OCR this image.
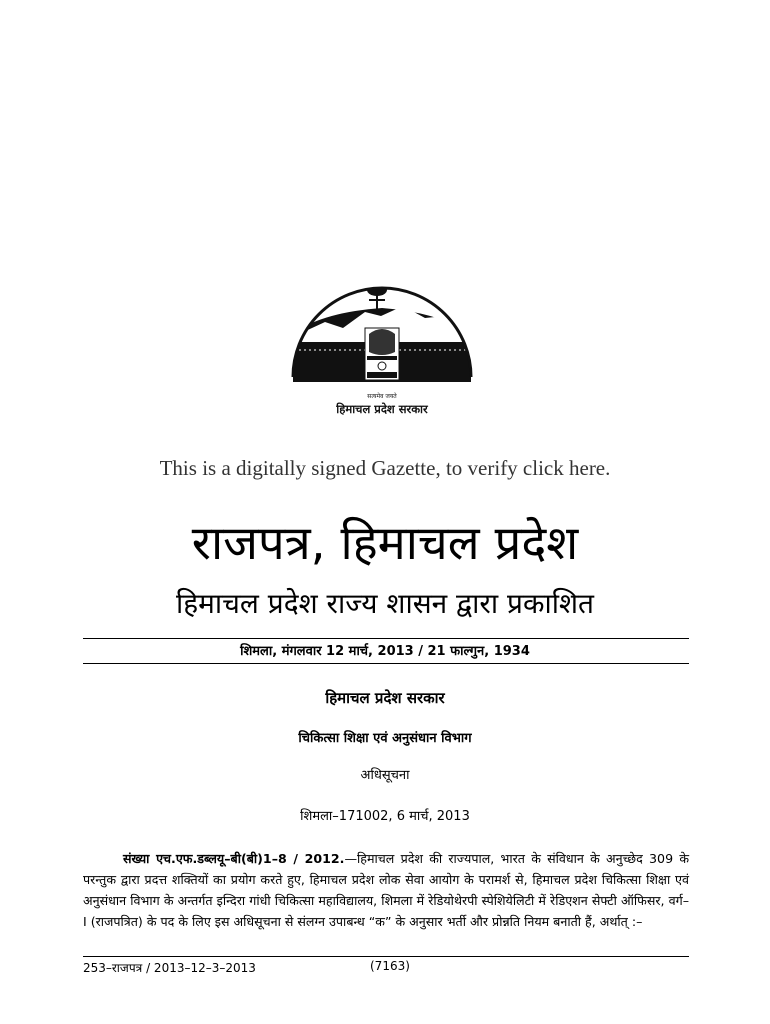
सत्यमेव जयते
हिमाचल प्रदेश सरकार
This is a digitally signed Gazette, to verify click here.
राजपत्र, हिमाचल प्रदेश
हिमाचल प्रदेश राज्य शासन द्वारा प्रकाशित
शिमला, मंगलवार 12 मार्च, 2013 / 21 फाल्गुन, 1934
हिमाचल प्रदेश सरकार
चिकित्सा शिक्षा एवं अनुसंधान विभाग
अधिसूचना
शिमला–171002, 6 मार्च, 2013
संख्या एच.एफ.डब्लयू–बी(बी)1–8 / 2012.—हिमाचल प्रदेश की राज्यपाल, भारत के संविधान के अनुच्छेद 309 के परन्तुक द्वारा प्रदत्त शक्तियों का प्रयोग करते हुए, हिमाचल प्रदेश लोक सेवा आयोग के परामर्श से, हिमाचल प्रदेश चिकित्सा शिक्षा एवं अनुसंधान विभाग के अन्तर्गत इन्दिरा गांधी चिकित्सा महाविद्यालय, शिमला में रेडियोथेरपी स्पेशियेलिटी में रेडिएशन सेफ्टी ऑफिसर, वर्ग–I (राजपत्रित) के पद के लिए इस अधिसूचना से संलग्न उपाबन्ध “क” के अनुसार भर्ती और प्रोन्नति नियम बनाती हैं, अर्थात् :–
253–राजपत्र / 2013–12–3–2013	(7163)
